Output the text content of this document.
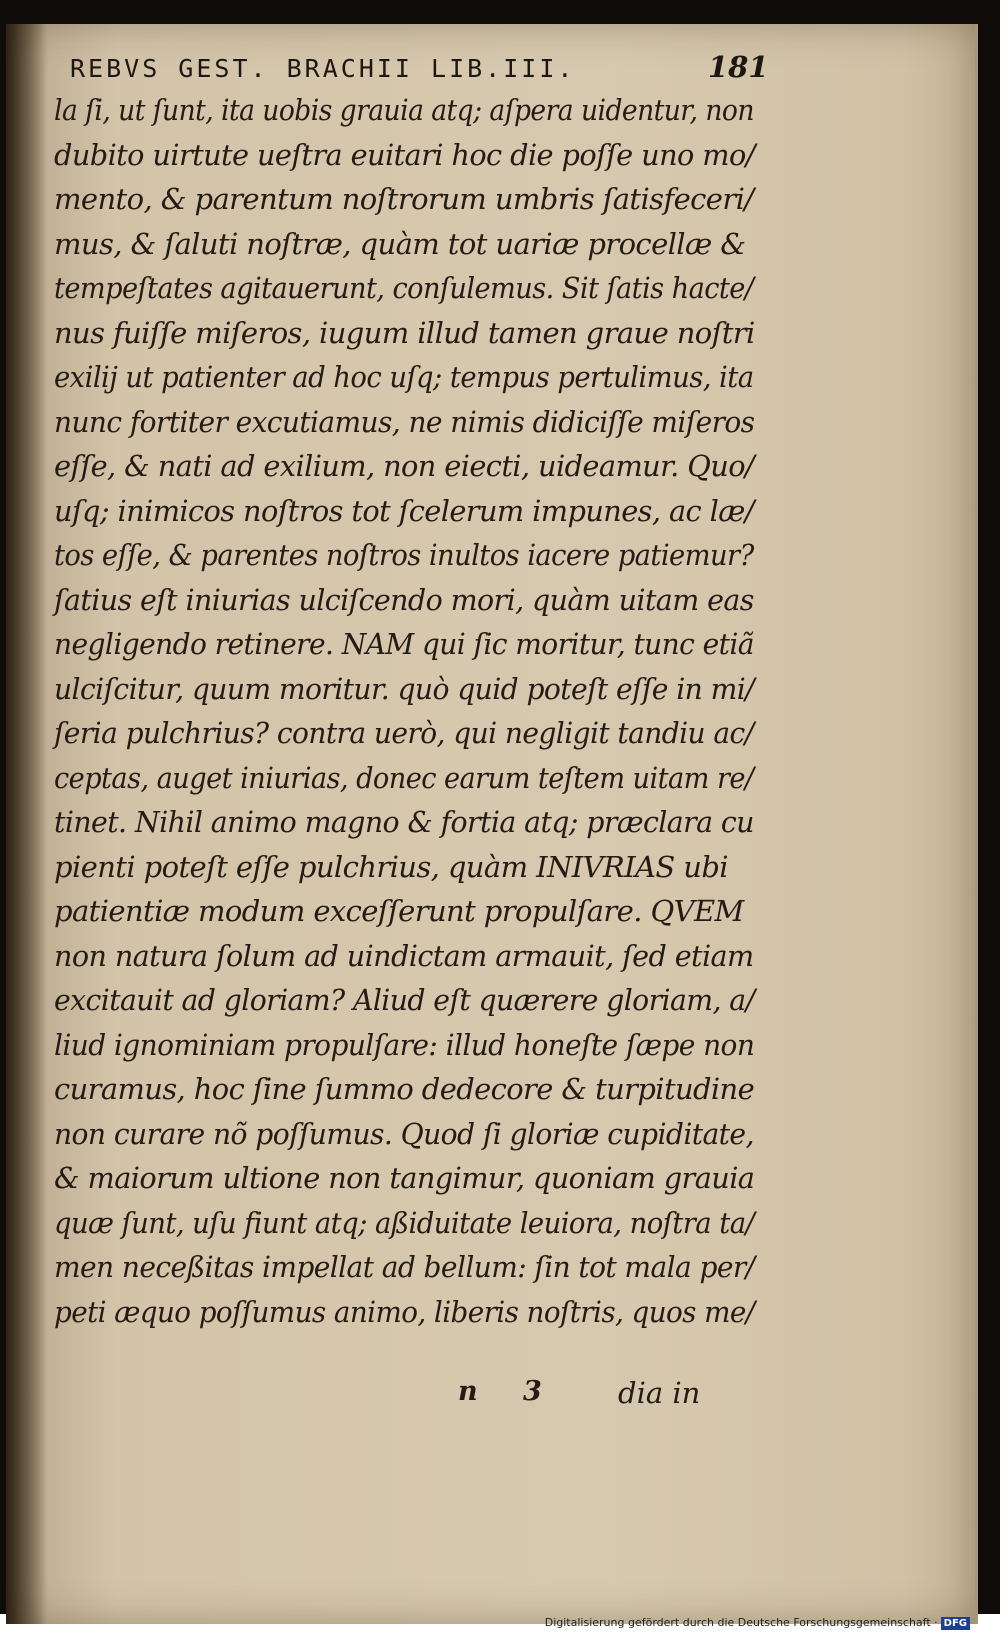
REBVS GEST. BRACHII LIB.III.	181
la ſi, ut ſunt, ita uobis grauia atq; aſpera uidentur, non
dubito uirtute ueſtra euitari hoc die poſſe uno mo/
mento, & parentum noſtrorum umbris ſatisfeceri/
mus, & ſaluti noſtræ, quàm tot uariæ procellæ &
tempeſtates agitauerunt, conſulemus. Sit ſatis hacte/
nus fuiſſe miſeros, iugum illud tamen graue noſtri
exilij ut patienter ad hoc uſq; tempus pertulimus, ita
nunc fortiter excutiamus, ne nimis didiciſſe miſeros
eſſe, & nati ad exilium, non eiecti, uideamur. Quo/
uſq; inimicos noſtros tot ſcelerum impunes, ac læ/
tos eſſe, & parentes noſtros inultos iacere patiemur?
ſatius eſt iniurias ulciſcendo mori, quàm uitam eas
negligendo retinere. NAM qui ſic moritur, tunc etiã
ulciſcitur, quum moritur. quò quid poteſt eſſe in mi/
ſeria pulchrius? contra uerò, qui negligit tandiu ac/
ceptas, auget iniurias, donec earum teſtem uitam re/
tinet. Nihil animo magno & fortia atq; præclara cu
pienti poteſt eſſe pulchrius, quàm INIVRIAS ubi
patientiæ modum exceſſerunt propulſare. QVEM
non natura ſolum ad uindictam armauit, ſed etiam
excitauit ad gloriam? Aliud eſt quærere gloriam, a/
liud ignominiam propulſare: illud honeſte ſæpe non
curamus, hoc ſine ſummo dedecore & turpitudine
non curare nõ poſſumus. Quod ſi gloriæ cupiditate,
& maiorum ultione non tangimur, quoniam grauia
quæ ſunt, uſu fiunt atq; aßiduitate leuiora, noſtra ta/
men neceßitas impellat ad bellum: ſin tot mala per/
peti æquo poſſumus animo, liberis noſtris, quos me/
n 3 dia in
Digitalisierung gefördert durch die Deutsche Forschungsgemeinschaft · DFG
